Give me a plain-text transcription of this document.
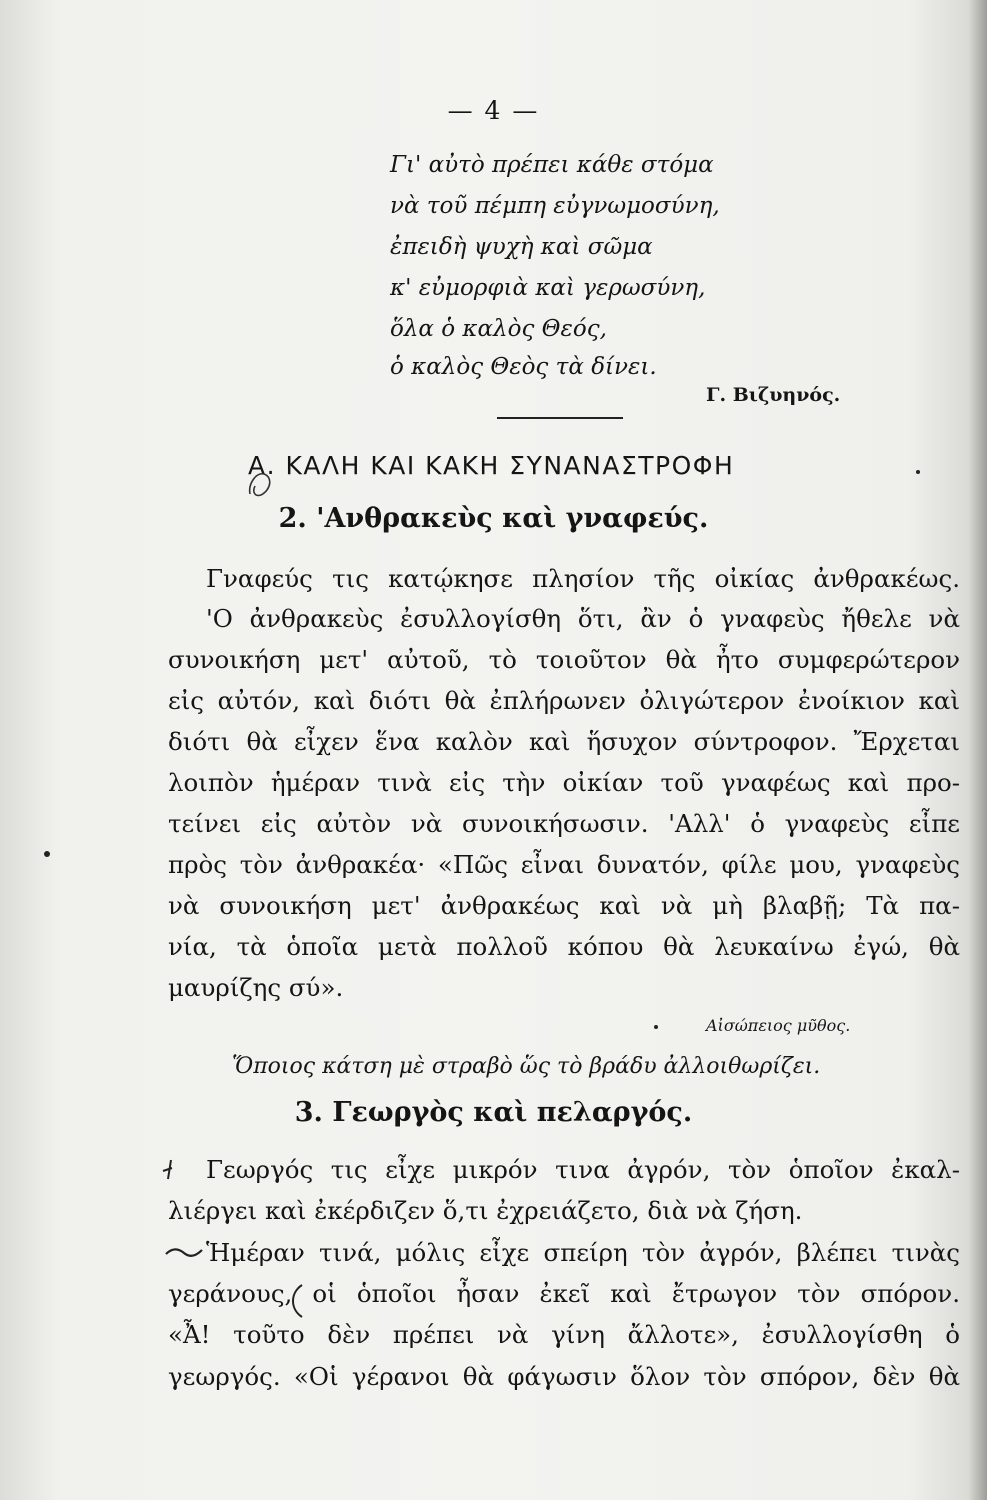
— 4 —
Γι' αὐτὸ πρέπει κάθε στόμα
νὰ τοῦ πέμπη εὐγνωμοσύνη,
ἐπειδὴ ψυχὴ καὶ σῶμα
κ' εὐμορφιὰ καὶ γερωσύνη,
ὅλα ὁ καλὸς Θεός,
ὁ καλὸς Θεὸς τὰ δίνει.
Γ. Βιζυηνός.
Α. ΚΑΛΗ ΚΑΙ ΚΑΚΗ ΣΥΝΑΝΑΣΤΡΟΦΗ
2. 'Ανθρακεὺς καὶ γναφεύς.
Γναφεύς τις κατῴκησε πλησίον τῆς οἰκίας ἀνθρακέως.
'Ο ἀνθρακεὺς ἐσυλλογίσθη ὅτι, ἂν ὁ γναφεὺς ἤθελε νὰ
συνοικήση μετ' αὐτοῦ, τὸ τοιοῦτον θὰ ἦτο συμφερώτερον
εἰς αὐτόν, καὶ διότι θὰ ἐπλήρωνεν ὀλιγώτερον ἐνοίκιον καὶ
διότι θὰ εἶχεν ἕνα καλὸν καὶ ἥσυχον σύντροφον. Ἔρχεται
λοιπὸν ἡμέραν τινὰ εἰς τὴν οἰκίαν τοῦ γναφέως καὶ προ-
τείνει εἰς αὐτὸν νὰ συνοικήσωσιν. 'Αλλ' ὁ γναφεὺς εἶπε
πρὸς τὸν ἀνθρακέα· «Πῶς εἶναι δυνατόν, φίλε μου, γναφεὺς
νὰ συνοικήση μετ' ἀνθρακέως καὶ νὰ μὴ βλαβῇ; Τὰ πα-
νία, τὰ ὁποῖα μετὰ πολλοῦ κόπου θὰ λευκαίνω ἐγώ, θὰ
μαυρίζης σύ».
Αἰσώπειος μῦθος.
Ὅποιος κάτση μὲ στραβὸ ὥς τὸ βράδυ ἀλλοιθωρίζει.
3. Γεωργὸς καὶ πελαργός.
Γεωργός τις εἶχε μικρόν τινα ἀγρόν, τὸν ὁποῖον ἐκαλ-
λιέργει καὶ ἐκέρδιζεν ὅ,τι ἐχρειάζετο, διὰ νὰ ζήση.
Ἡμέραν τινά, μόλις εἶχε σπείρη τὸν ἀγρόν, βλέπει τινὰς
γεράνους, οἱ ὁποῖοι ἦσαν ἐκεῖ καὶ ἔτρωγον τὸν σπόρον.
«Ἆ! τοῦτο δὲν πρέπει νὰ γίνη ἄλλοτε», ἐσυλλογίσθη ὁ
γεωργός. «Οἱ γέρανοι θὰ φάγωσιν ὅλον τὸν σπόρον, δὲν θὰ
